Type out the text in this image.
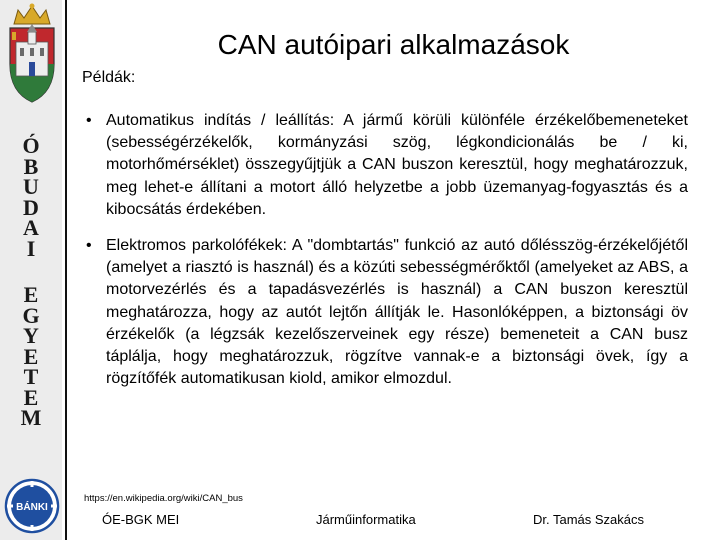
Ó
B
U
D
A
I
E
G
Y
E
T
E
M
BÁNKI
CAN autóipari alkalmazások
Példák:
• Automatikus indítás / leállítás: A jármű körüli különféle érzékelőbemeneteket (sebességérzékelők, kormányzási szög, légkondicionálás be / ki, motorhőmérséklet) összegyűjtjük a CAN buszon keresztül, hogy meghatározzuk, meg lehet-e állítani a motort álló helyzetbe a jobb üzemanyag-fogyasztás és a kibocsátás érdekében.
• Elektromos parkolófékek: A "dombtartás" funkció az autó dőlésszög-érzékelőjétől (amelyet a riasztó is használ) és a közúti sebességmérőktől (amelyeket az ABS, a motorvezérlés és a tapadásvezérlés is használ) a CAN buszon keresztül meghatározza, hogy az autót lejtőn állítják le. Hasonlóképpen, a biztonsági öv érzékelők (a légzsák kezelőszerveinek egy része) bemeneteit a CAN busz táplálja, hogy meghatározzuk, rögzítve vannak-e a biztonsági övek, így a rögzítőfék automatikusan kiold, amikor elmozdul.
https://en.wikipedia.org/wiki/CAN_bus
ÓE-BGK MEI	Járműinformatika	Dr. Tamás Szakács
